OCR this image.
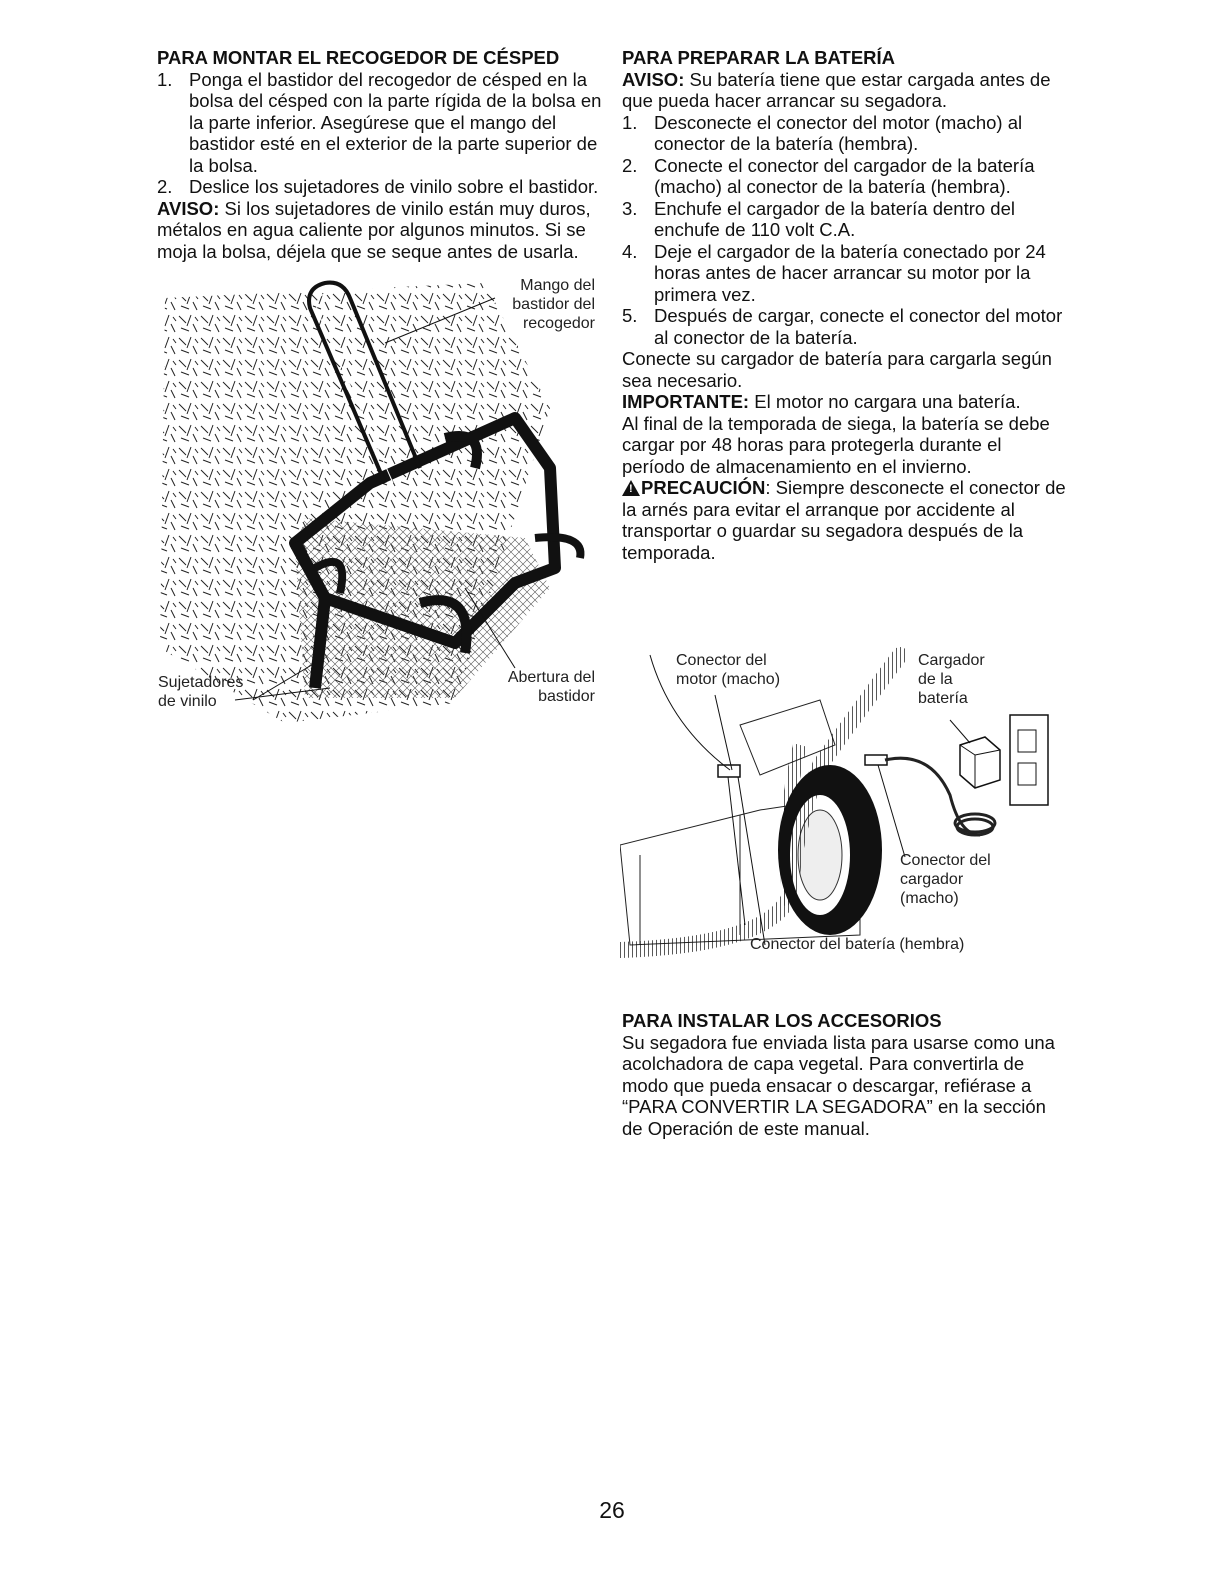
PARA MONTAR EL RECOGEDOR DE CÉSPED
1. Ponga el bastidor del recogedor de césped en la bolsa del césped con la parte rígida de la bolsa en la parte inferior. Asegúrese que el mango del bastidor esté en el exterior de la parte superior de la bolsa.
2. Deslice los sujetadores de vinilo sobre el bastidor.

AVISO: Si los sujetadores de vinilo están muy duros, métalos en agua caliente por algunos minutos. Si se moja la bolsa, déjela que se seque antes de usarla.

Mango del bastidor del recogedor
Sujetadores de vinilo
Abertura del bastidor
PARA PREPARAR LA BATERÍA

AVISO: Su batería tiene que estar cargada antes de que pueda hacer arrancar su segadora.

1. Desconecte el conector del motor (macho) al conector de la batería (hembra).
2. Conecte el conector del cargador de la batería (macho) al conector de la batería (hembra).
3. Enchufe el cargador de la batería dentro del enchufe de 110 volt C.A.
4. Deje el cargador de la batería conectado por 24 horas antes de hacer arrancar su motor por la primera vez.
5. Después de cargar, conecte el conector del motor al conector de la batería.

Conecte su cargador de batería para cargarla según sea necesario.

IMPORTANTE: El motor no cargara una batería.

Al final de la temporada de siega, la batería se debe cargar por 48 horas para protegerla durante el período de almacenamiento en el invierno.

! PRECAUCIÓN: Siempre desconecte el conector de la arnés para evitar el arranque por accidente al transportar o guardar su segadora después de la temporada.

Conector del motor (macho)
Cargador de la batería
Conector del cargador (macho)
Conector del batería (hembra)
PARA INSTALAR LOS ACCESORIOS

Su segadora fue enviada lista para usarse como una acolchadora de capa vegetal. Para convertirla de modo que pueda ensacar o descargar, refiérase a “PARA CONVERTIR LA SEGADORA” en la sección de Operación de este manual.

26
